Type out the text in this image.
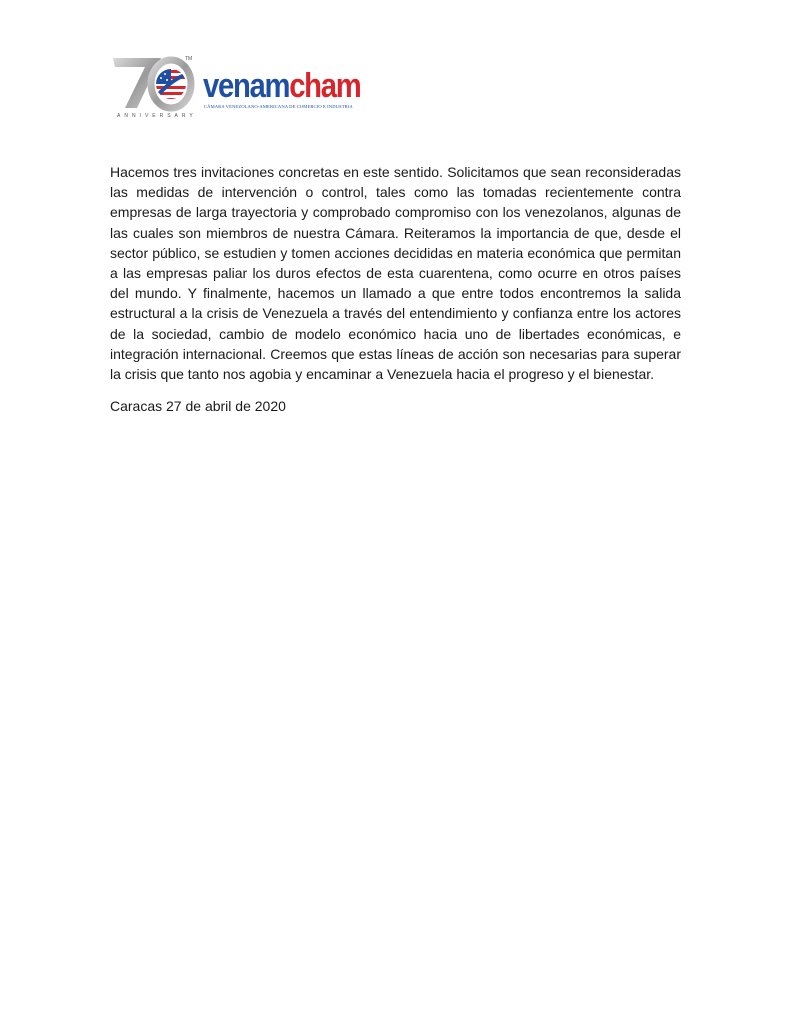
TM
venamcham
CÁMARA VENEZOLANO-AMERICANA DE COMERCIO E INDUSTRIA
ANNIVERSARY

Hacemos tres invitaciones concretas en este sentido. Solicitamos que sean reconsideradas las medidas de intervención o control, tales como las tomadas recientemente contra empresas de larga trayectoria y comprobado compromiso con los venezolanos, algunas de las cuales son miembros de nuestra Cámara. Reiteramos la importancia de que, desde el sector público, se estudien y tomen acciones decididas en materia económica que permitan a las empresas paliar los duros efectos de esta cuarentena, como ocurre en otros países del mundo. Y finalmente, hacemos un llamado a que entre todos encontremos la salida estructural a la crisis de Venezuela a través del entendimiento y confianza entre los actores de la sociedad, cambio de modelo económico hacia uno de libertades económicas, e integración internacional. Creemos que estas líneas de acción son necesarias para superar la crisis que tanto nos agobia y encaminar a Venezuela hacia el progreso y el bienestar.

Caracas 27 de abril de 2020
